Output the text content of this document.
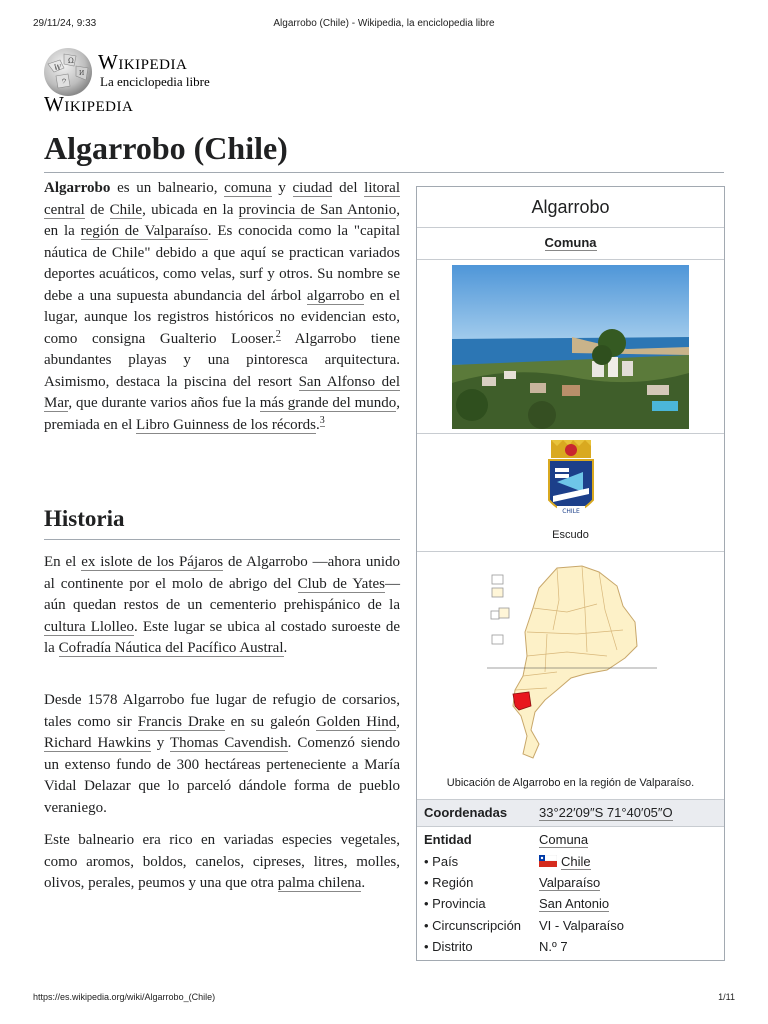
29/11/24, 9:33	Algarrobo (Chile) - Wikipedia, la enciclopedia libre
W
Ω
И
ウ
Wikipedia
La enciclopedia libre
Wikipedia
Algarrobo (Chile)

Algarrobo es un balneario, comuna y ciudad del litoral central de Chile, ubicada en la provincia de San Antonio, en la región de Valparaíso. Es conocida como la "capital náutica de Chile" debido a que aquí se practican variados deportes acuáticos, como velas, surf y otros. Su nombre se debe a una supuesta abundancia del árbol algarrobo en el lugar, aunque los registros históricos no evidencian esto, como consigna Gualterio Looser.$^2$ Algarrobo tiene abundantes playas y una pintoresca arquitectura. Asimismo, destaca la piscina del resort San Alfonso del Mar, que durante varios años fue la más grande del mundo, premiada en el Libro Guinness de los récords.$^3$

Historia

En el ex islote de los Pájaros de Algarrobo —ahora unido al continente por el molo de abrigo del Club de Yates— aún quedan restos de un cementerio prehispánico de la cultura Llolleo. Este lugar se ubica al costado suroeste de la Cofradía Náutica del Pacífico Austral.

Desde 1578 Algarrobo fue lugar de refugio de corsarios, tales como sir Francis Drake en su galeón Golden Hind, Richard Hawkins y Thomas Cavendish. Comenzó siendo un extenso fundo de 300 hectáreas perteneciente a María Vidal Delazar que lo parceló dándole forma de pueblo veraniego.

Este balneario era rico en variadas especies vegetales, como aromos, boldos, canelos, cipreses, litres, molles, olivos, perales, peumos y una que otra palma chilena.

Algarrobo
Comuna
CHILE
Escudo
Ubicación de Algarrobo en la región de Valparaíso.
Coordenadas 33°22′09″S 71°40′05″O
Entidad	Comuna
• País	Chile
• Región	Valparaíso
• Provincia	San Antonio
• Circunscripción VI - Valparaíso
• Distrito	N.º 7
https://es.wikipedia.org/wiki/Algarrobo_(Chile)	1/11
